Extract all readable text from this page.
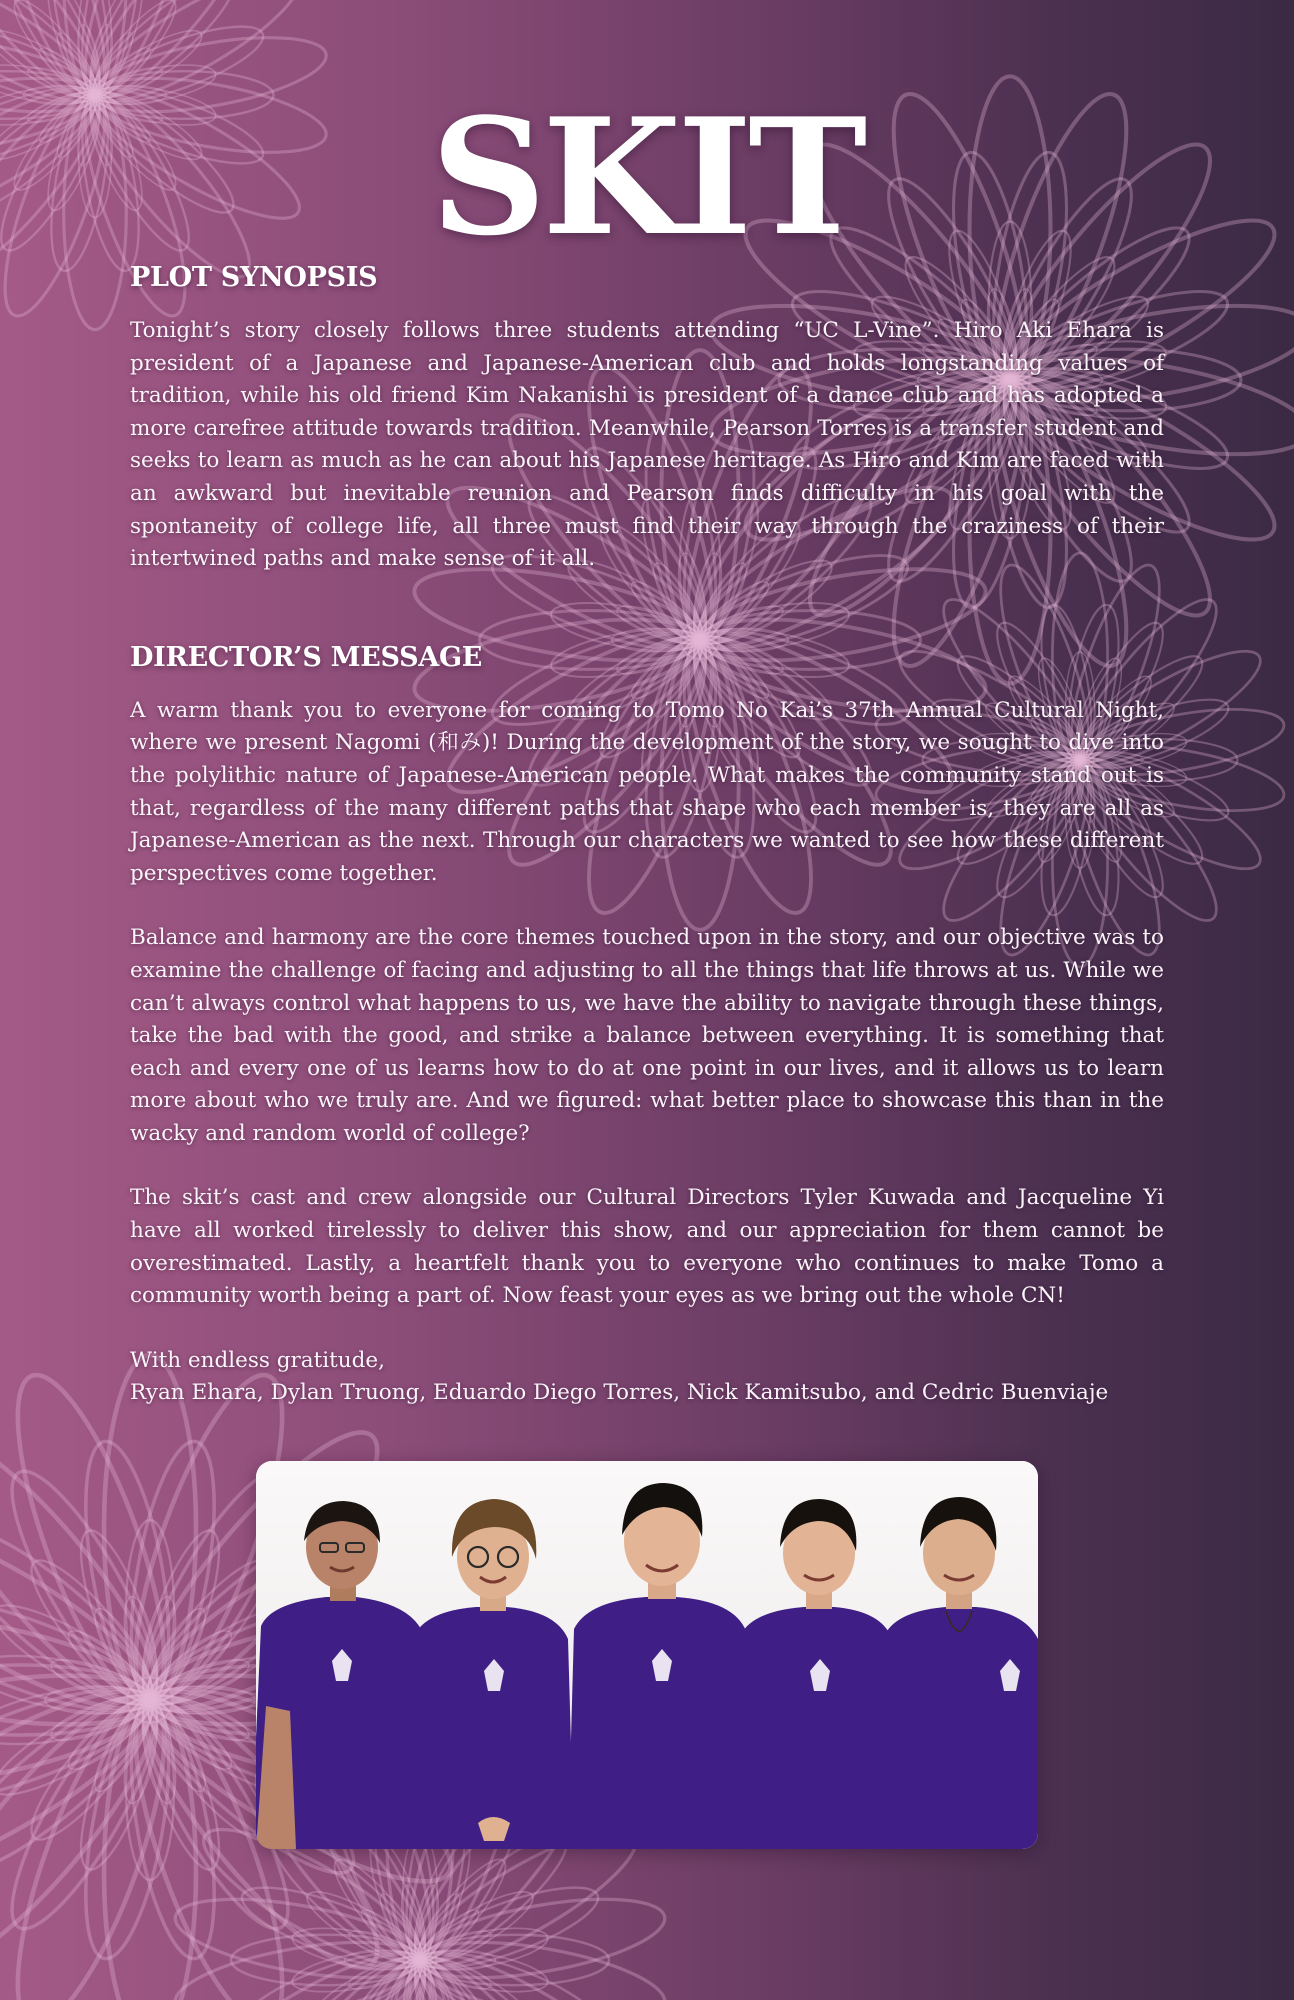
SKIT
PLOT SYNOPSIS

Tonight’s story closely follows three students attending “UC L-Vine”. Hiro Aki Ehara is president of a Japanese and Japanese-American club and holds longstanding values of tradition, while his old friend Kim Nakanishi is president of a dance club and has adopted a more carefree attitude towards tradition. Meanwhile, Pearson Torres is a transfer student and seeks to learn as much as he can about his Japanese heritage. As Hiro and Kim are faced with an awkward but inevitable reunion and Pearson finds difficulty in his goal with the spontaneity of college life, all three must find their way through the craziness of their intertwined paths and make sense of it all.

DIRECTOR’S MESSAGE

A warm thank you to everyone for coming to Tomo No Kai’s 37th Annual Cultural Night, where we present Nagomi (和み)! During the development of the story, we sought to dive into the polylithic nature of Japanese-American people. What makes the community stand out is that, regardless of the many different paths that shape who each member is, they are all as Japanese-American as the next. Through our characters we wanted to see how these different perspectives come together.

Balance and harmony are the core themes touched upon in the story, and our objective was to examine the challenge of facing and adjusting to all the things that life throws at us. While we can’t always control what happens to us, we have the ability to navigate through these things, take the bad with the good, and strike a balance between everything. It is something that each and every one of us learns how to do at one point in our lives, and it allows us to learn more about who we truly are. And we figured: what better place to showcase this than in the wacky and random world of college?

The skit’s cast and crew alongside our Cultural Directors Tyler Kuwada and Jacqueline Yi have all worked tirelessly to deliver this show, and our appreciation for them cannot be overestimated. Lastly, a heartfelt thank you to everyone who continues to make Tomo a community worth being a part of. Now feast your eyes as we bring out the whole CN!

With endless gratitude,

Ryan Ehara, Dylan Truong, Eduardo Diego Torres, Nick Kamitsubo, and Cedric Buenviaje
